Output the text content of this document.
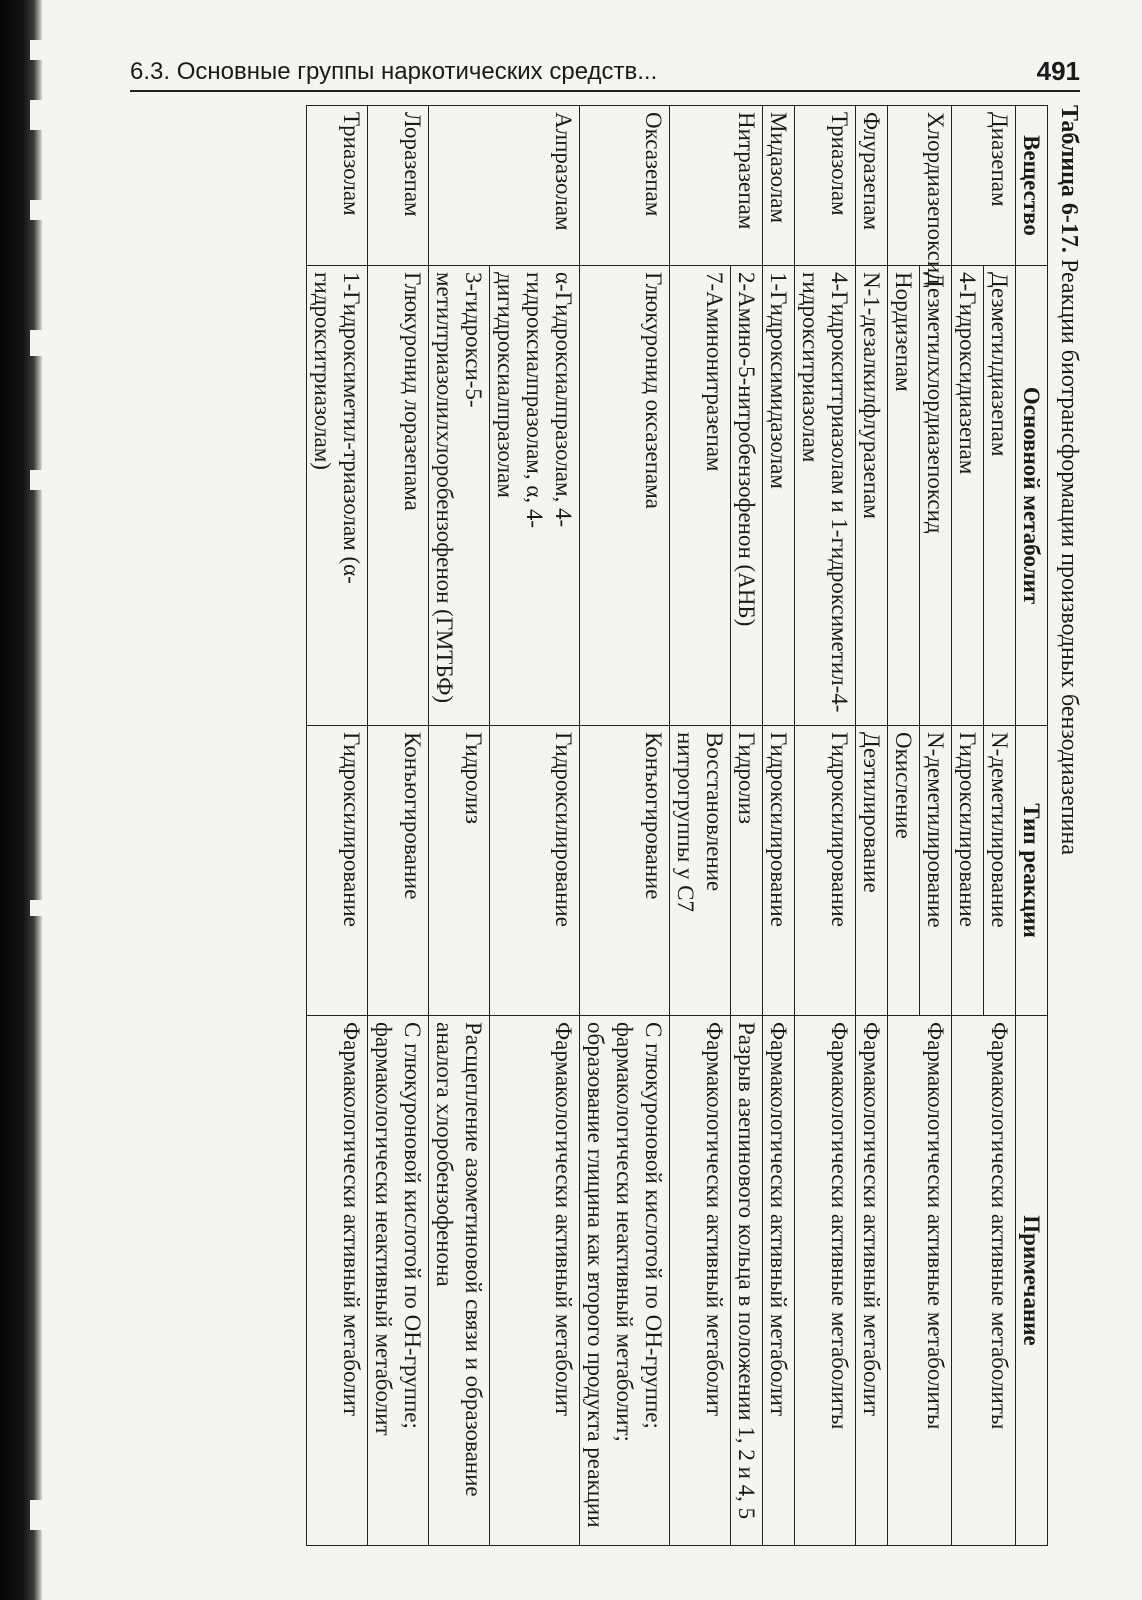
6.3. Основные группы наркотических средств...	491
Таблица 6-17. Реакции биотрансформации производных бензодиазепина
Вещество	Основной метаболит	Тип реакции	Примечание
Диазепам	Дезметилдиазепам	N-деметилирование	Фармакологически активные метаболиты
	4-Гидроксидиазепам	Гидроксилирование	
Хлордиазепоксид	Дезметилхлордиазепоксид	N-деметилирование	Фармакологически активные метаболиты
	Нордизепам	Окисление	
Флуразепам	N-1-дезалкилфлуразепам	Деэтилирование	Фармакологически активный метаболит
Триазолам	4-Гидрокситтриазолам и 1-гидроксиметил-4-гидрокситриазолам	Гидроксилирование	Фармакологически активные метаболиты
Мидазолам	1-Гидроксимидазолам	Гидроксилирование	Фармакологически активный метаболит
Нитразепам	2-Амино-5-нитробензофенон (АНБ)	Гидролиз	Разрыв азепинового кольца в положении 1, 2 и 4, 5
	7-Аминонитразепам	Восстановление нитрогруппы у С7	Фармакологически активный метаболит
Оксазепам	Глюкуронид оксазепама	Конъюгирование	С глюкуроновой кислотой по ОН-группе; фармакологически неактивный метаболит; образование глицина как второго продукта реакции
Алпразолам	α-Гидроксиалпразолам, 4-гидроксиалпразолам, α, 4- дигидроксиалпразолам	Гидроксилирование	Фармакологически активный метаболит
	3-гидрокси-5-метилтриазолилхлоробензофенон (ГМТБФ)	Гидролиз	Расщепление азометиновой связи и образование аналога хлоробензофенона
Лоразепам	Глюкуронид лоразепама	Конъюгирование	С глюкуроновой кислотой по ОН-группе; фармакологически неактивный метаболит
Триазолам	1-Гидроксиметил-триазолам (α-гидрокситриазолам)	Гидроксилирование	Фармакологически активный метаболит
